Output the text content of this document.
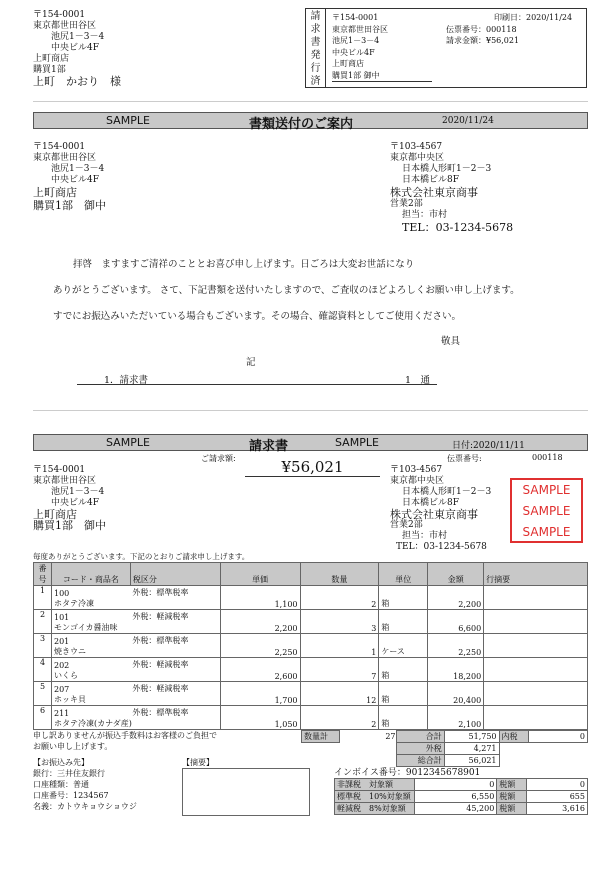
〒154-0001
東京都世田谷区
池尻1－3－4
中央ビル4F
上町商店
購買1部
上町　かおり　様
請
求
書
発
行
済
〒154-0001
東京都世田谷区
池尻1－3－4
中央ビル4F
上町商店
購買1部 御中
印刷日：2020/11/24
伝票番号：000118
請求金額：¥56,021
SAMPLE	書類送付のご案内	2020/11/24
〒154-0001
東京都世田谷区
池尻1－3－4
中央ビル4F
上町商店
購買1部　御中
〒103-4567
東京都中央区
日本橋人形町1－2－3
日本橋ビル8F
株式会社東京商事
営業2部
担当：市村
TEL：03-1234-5678
拝啓　ますますご清祥のこととお喜び申し上げます。日ごろは大変お世話になり
ありがとうございます。 さて、下記書類を送付いたしますので、ご査収のほどよろしくお願い申し上げます。
すでにお振込みいただいている場合もございます。その場合、確認資料としてご使用ください。
敬具
記
1．請求書	1　通
SAMPLE	請求書	SAMPLE	日付:2020/11/11
ご請求額:	¥56,021	伝票番号:	000118
〒154-0001
東京都世田谷区
池尻1－3－4
中央ビル4F
上町商店
購買1部　御中
〒103-4567
東京都中央区
日本橋人形町1－2－3
日本橋ビル8F
株式会社東京商事
営業2部
担当：市村
TEL：03-1234-5678
SAMPLE
SAMPLE
SAMPLE
毎度ありがとうございます。下記のとおりご請求申し上げます。
番号	コード・商品名	税区分	単価	数量	単位	金額	行摘要
1	100	外税：標準税率	1,100	2	箱	2,200	
	ホタテ冷凍						
2	101	外税：軽減税率	2,200	3	箱	6,600	
	モンゴイカ醤油味						
3	201	外税：標準税率	2,250	1	ケース	2,250	
	焼きウニ						
4	202	外税：軽減税率	2,600	7	箱	18,200	
	いくら						
5	207	外税：軽減税率	1,700	12	箱	20,400	
	ホッキ貝						
6	211	外税：標準税率	1,050	2	箱	2,100	
	ホタテ冷凍(カナダ産)						
申し訳ありませんが振込手数料はお客様のご負担で
お願い申し上げます。
数量計	27	合計	51,750	内税	0
外税	4,271		
総合計	56,021		
【お振込み先】
銀行：三井住友銀行
口座種類：普通
口座番号：1234567
名義：カトウキョウショウジ
【摘要】
インボイス番号：9012345678901
非課税　対象額	0	税額	0
標準税　10%対象額	6,550	税額	655
軽減税　8%対象額	45,200	税額	3,616
